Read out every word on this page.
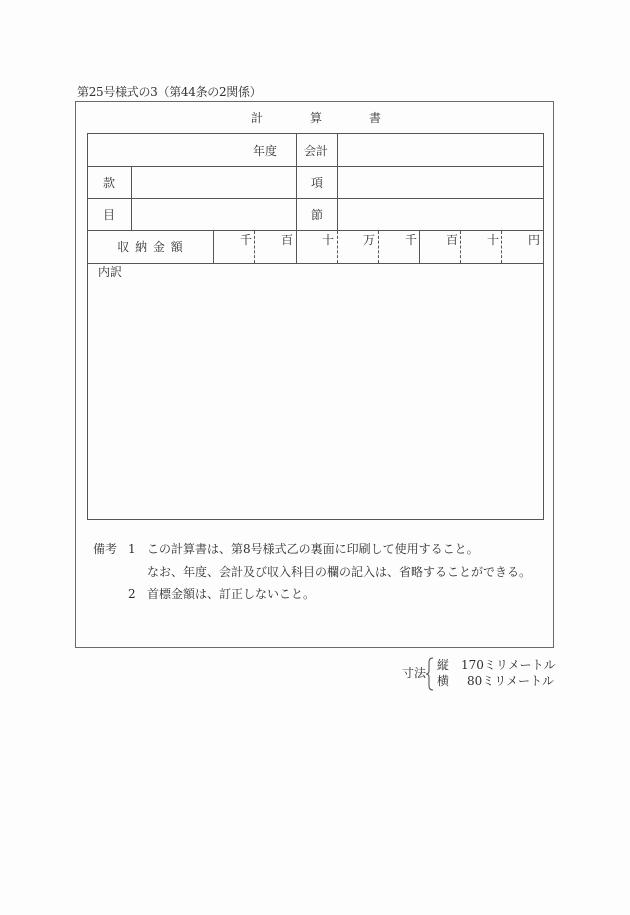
第25号様式の3（第44条の2関係）
計	算	書
年度 会計
款	項
目	節
収 納 金 額	千 百 十 万 千 百 十 円
内訳
備考 1 この計算書は、第8号様式乙の裏面に印刷して使用すること。
なお、年度、会計及び収入科目の欄の記入は、省略することができる。
2 首標金額は、訂正しないこと。
寸法
縦 170ミリメートル
横 80ミリメートル
